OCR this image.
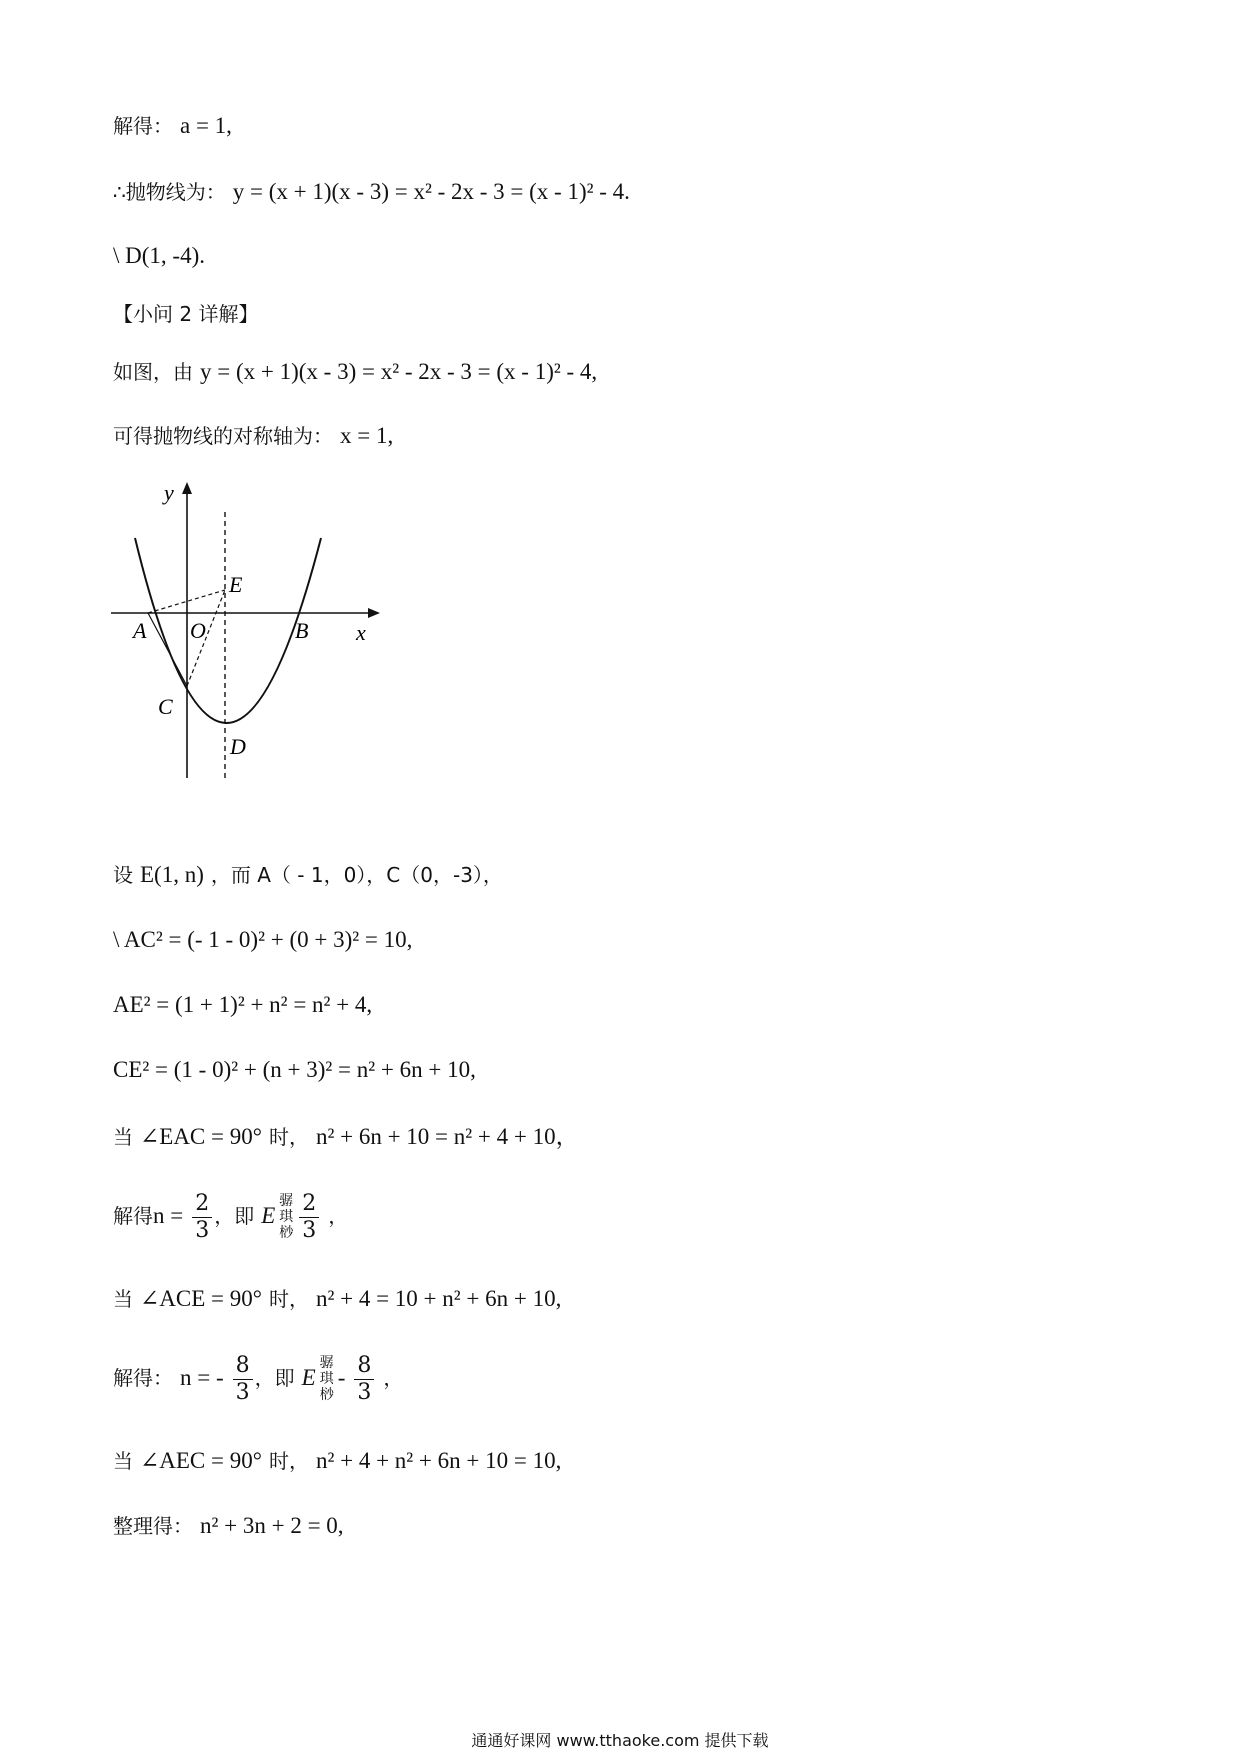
解得： a = 1,
∴抛物线为： y = (x + 1)(x - 3) = x² - 2x - 3 = (x - 1)² - 4.
\ D(1, -4).
【小问 2 详解】
如图，由 y = (x + 1)(x - 3) = x² - 2x - 3 = (x - 1)² - 4,
可得抛物线的对称轴为： x = 1,
y
x
E
A O	B
C
D
设 E(1, n) ，而 A（ - 1，0），C（0，-3），
\ AC² = (- 1 - 0)² + (0 + 3)² = 10,
AE² = (1 + 1)² + n² = n² + 4,
CE² = (1 - 0)² + (n + 3)² = n² + 6n + 10,
当 ∠EAC = 90° 时， n² + 6n + 10 = n² + 4 + 10，
解得$n = \frac{2}{3}$ ，即 E骣
琪
桫 $\frac{2}{3}$ ，
当 ∠ACE = 90° 时， n² + 4 = 10 + n² + 6n + 10,
解得： n = - $\frac{8}{3}$ ，即 E骣
琪
桫- $\frac{8}{3}$ ，
当 ∠AEC = 90° 时， n² + 4 + n² + 6n + 10 = 10,
整理得： n² + 3n + 2 = 0,
通通好课网 www.tthaoke.com 提供下载
